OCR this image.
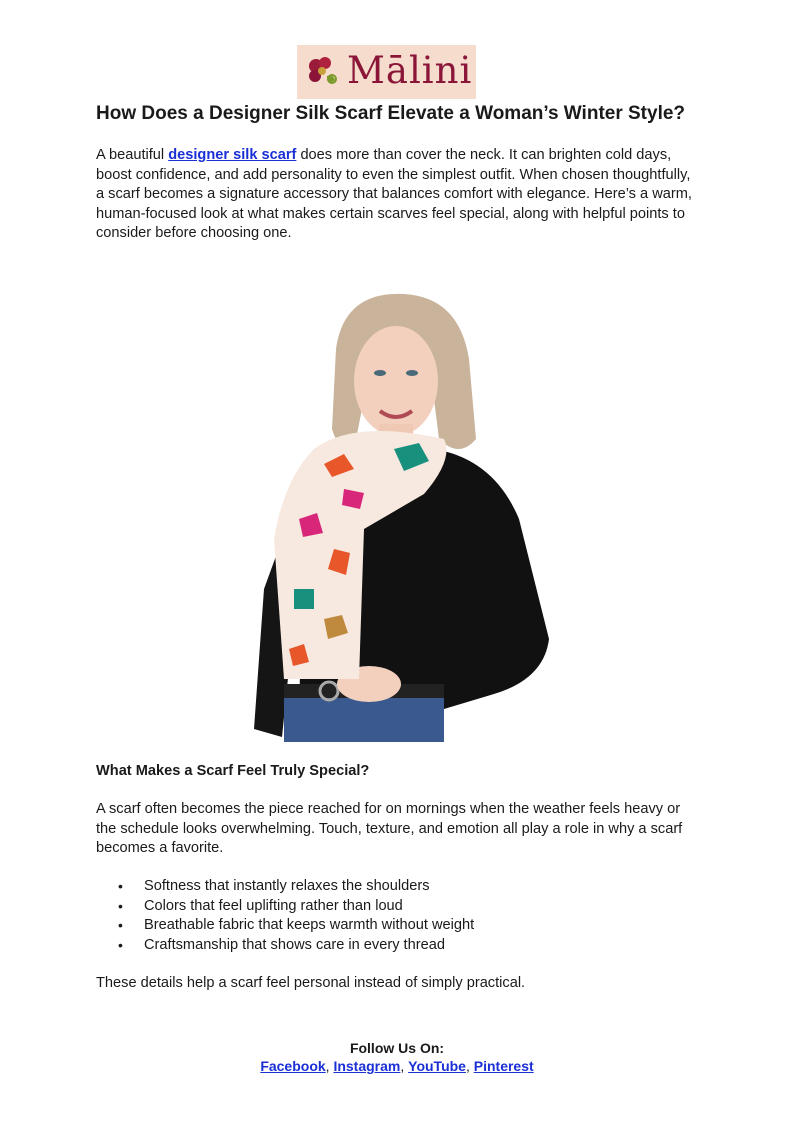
Mālini
How Does a Designer Silk Scarf Elevate a Woman’s Winter Style?

A beautiful designer silk scarf does more than cover the neck. It can brighten cold days, boost confidence, and add personality to even the simplest outfit. When chosen thoughtfully, a scarf becomes a signature accessory that balances comfort with elegance. Here’s a warm, human-focused look at what makes certain scarves feel special, along with helpful points to consider before choosing one.

What Makes a Scarf Feel Truly Special?

A scarf often becomes the piece reached for on mornings when the weather feels heavy or the schedule looks overwhelming. Touch, texture, and emotion all play a role in why a scarf becomes a favorite.

• Softness that instantly relaxes the shoulders
• Colors that feel uplifting rather than loud
• Breathable fabric that keeps warmth without weight
• Craftsmanship that shows care in every thread

These details help a scarf feel personal instead of simply practical.

Follow Us On:
Facebook, Instagram, YouTube, Pinterest
